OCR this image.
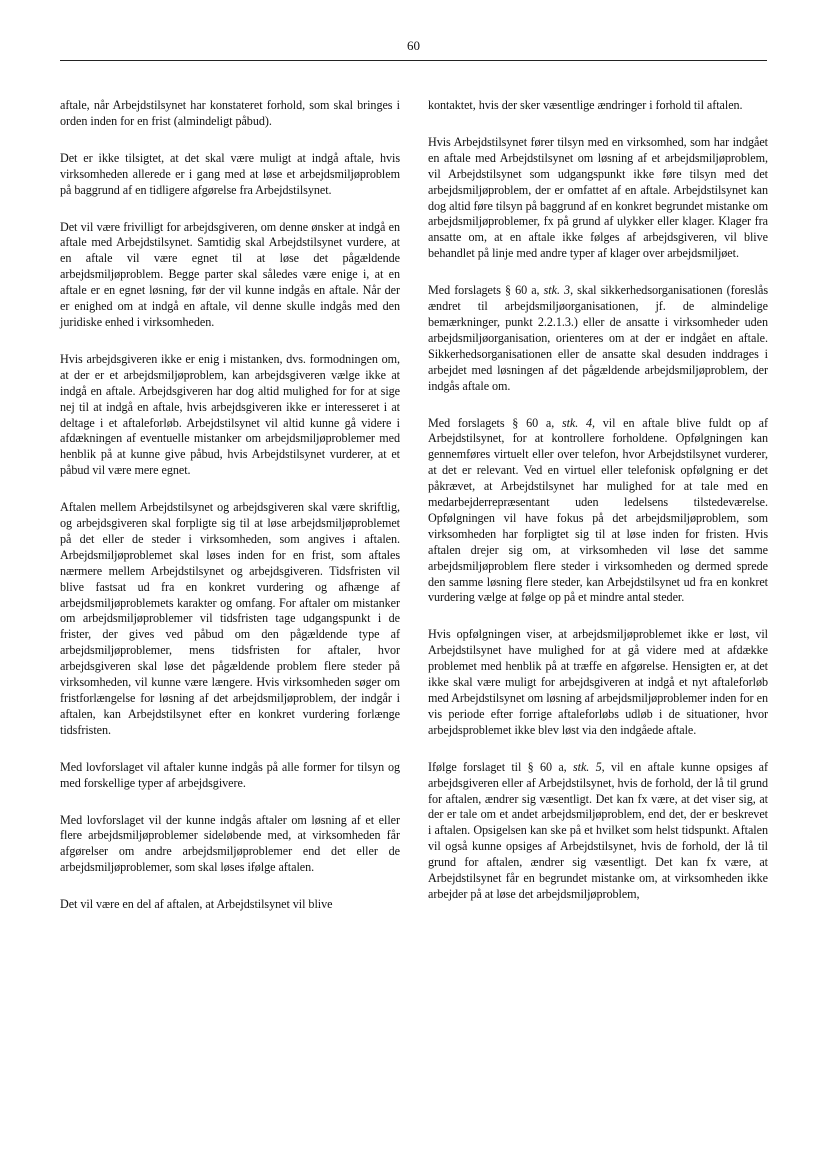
60

aftale, når Arbejdstilsynet har konstateret forhold, som skal bringes i orden inden for en frist (almindeligt påbud).

Det er ikke tilsigtet, at det skal være muligt at indgå aftale, hvis virksomheden allerede er i gang med at løse et arbejdsmiljøproblem på baggrund af en tidligere afgørelse fra Arbejdstilsynet.

Det vil være frivilligt for arbejdsgiveren, om denne ønsker at indgå en aftale med Arbejdstilsynet. Samtidig skal Arbejdstilsynet vurdere, at en aftale vil være egnet til at løse det pågældende arbejdsmiljøproblem. Begge parter skal således være enige i, at en aftale er en egnet løsning, før der vil kunne indgås en aftale. Når der er enighed om at indgå en aftale, vil denne skulle indgås med den juridiske enhed i virksomheden.

Hvis arbejdsgiveren ikke er enig i mistanken, dvs. formodningen om, at der er et arbejdsmiljøproblem, kan arbejdsgiveren vælge ikke at indgå en aftale. Arbejdsgiveren har dog altid mulighed for for at sige nej til at indgå en aftale, hvis arbejdsgiveren ikke er interesseret i at deltage i et aftaleforløb. Arbejdstilsynet vil altid kunne gå videre i afdækningen af eventuelle mistanker om arbejdsmiljøproblemer med henblik på at kunne give påbud, hvis Arbejdstilsynet vurderer, at et påbud vil være mere egnet.

Aftalen mellem Arbejdstilsynet og arbejdsgiveren skal være skriftlig, og arbejdsgiveren skal forpligte sig til at løse arbejdsmiljøproblemet på det eller de steder i virksomheden, som angives i aftalen. Arbejdsmiljøproblemet skal løses inden for en frist, som aftales nærmere mellem Arbejdstilsynet og arbejdsgiveren. Tidsfristen vil blive fastsat ud fra en konkret vurdering og afhænge af arbejdsmiljøproblemets karakter og omfang. For aftaler om mistanker om arbejdsmiljøproblemer vil tidsfristen tage udgangspunkt i de frister, der gives ved påbud om den pågældende type af arbejdsmiljøproblemer, mens tidsfristen for aftaler, hvor arbejdsgiveren skal løse det pågældende problem flere steder på virksomheden, vil kunne være længere. Hvis virksomheden søger om fristforlængelse for løsning af det arbejdsmiljøproblem, der indgår i aftalen, kan Arbejdstilsynet efter en konkret vurdering forlænge tidsfristen.

Med lovforslaget vil aftaler kunne indgås på alle former for tilsyn og med forskellige typer af arbejdsgivere.

Med lovforslaget vil der kunne indgås aftaler om løsning af et eller flere arbejdsmiljøproblemer sideløbende med, at virksomheden får afgørelser om andre arbejdsmiljøproblemer end det eller de arbejdsmiljøproblemer, som skal løses ifølge aftalen.

Det vil være en del af aftalen, at Arbejdstilsynet vil blive

kontaktet, hvis der sker væsentlige ændringer i forhold til aftalen.

Hvis Arbejdstilsynet fører tilsyn med en virksomhed, som har indgået en aftale med Arbejdstilsynet om løsning af et arbejdsmiljøproblem, vil Arbejdstilsynet som udgangspunkt ikke føre tilsyn med det arbejdsmiljøproblem, der er omfattet af en aftale. Arbejdstilsynet kan dog altid føre tilsyn på baggrund af en konkret begrundet mistanke om arbejdsmiljøproblemer, fx på grund af ulykker eller klager. Klager fra ansatte om, at en aftale ikke følges af arbejdsgiveren, vil blive behandlet på linje med andre typer af klager over arbejdsmiljøet.

Med forslagets § 60 a, stk. 3, skal sikkerhedsorganisationen (foreslås ændret til arbejdsmiljøorganisationen, jf. de almindelige bemærkninger, punkt 2.2.1.3.) eller de ansatte i virksomheder uden arbejdsmiljøorganisation, orienteres om at der er indgået en aftale. Sikkerhedsorganisationen eller de ansatte skal desuden inddrages i arbejdet med løsningen af det pågældende arbejdsmiljøproblem, der indgås aftale om.

Med forslagets § 60 a, stk. 4, vil en aftale blive fuldt op af Arbejdstilsynet, for at kontrollere forholdene. Opfølgningen kan gennemføres virtuelt eller over telefon, hvor Arbejdstilsynet vurderer, at det er relevant. Ved en virtuel eller telefonisk opfølgning er det påkrævet, at Arbejdstilsynet har mulighed for at tale med en medarbejderrepræsentant uden ledelsens tilstedeværelse. Opfølgningen vil have fokus på det arbejdsmiljøproblem, som virksomheden har forpligtet sig til at løse inden for fristen. Hvis aftalen drejer sig om, at virksomheden vil løse det samme arbejdsmiljøproblem flere steder i virksomheden og dermed sprede den samme løsning flere steder, kan Arbejdstilsynet ud fra en konkret vurdering vælge at følge op på et mindre antal steder.

Hvis opfølgningen viser, at arbejdsmiljøproblemet ikke er løst, vil Arbejdstilsynet have mulighed for at gå videre med at afdække problemet med henblik på at træffe en afgørelse. Hensigten er, at det ikke skal være muligt for arbejdsgiveren at indgå et nyt aftaleforløb med Arbejdstilsynet om løsning af arbejdsmiljøproblemer inden for en vis periode efter forrige aftaleforløbs udløb i de situationer, hvor arbejdsproblemet ikke blev løst via den indgåede aftale.

Ifølge forslaget til § 60 a, stk. 5, vil en aftale kunne opsiges af arbejdsgiveren eller af Arbejdstilsynet, hvis de forhold, der lå til grund for aftalen, ændrer sig væsentligt. Det kan fx være, at det viser sig, at der er tale om et andet arbejdsmiljøproblem, end det, der er beskrevet i aftalen. Opsigelsen kan ske på et hvilket som helst tidspunkt. Aftalen vil også kunne opsiges af Arbejdstilsynet, hvis de forhold, der lå til grund for aftalen, ændrer sig væsentligt. Det kan fx være, at Arbejdstilsynet får en begrundet mistanke om, at virksomheden ikke arbejder på at løse det arbejdsmiljøproblem,
